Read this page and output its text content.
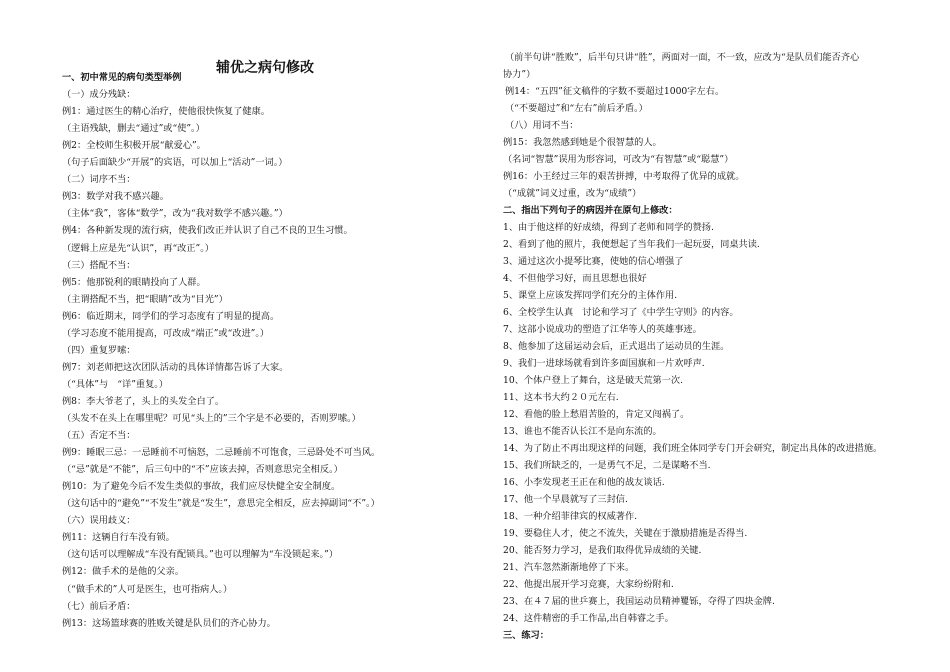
辅优之病句修改
一、初中常见的病句类型举例
（一）成分残缺：
例1：通过医生的精心治疗，使他很快恢复了健康。
（主语残缺，删去“通过”或“使”。）
例2：全校师生积极开展“献爱心”。
（句子后面缺少“开展”的宾语，可以加上“活动”一词。）
（二）词序不当：
例3：数学对我不感兴趣。
（主体“我”，客体“数学”，改为“我对数学不感兴趣。”）
例4：各种新发现的流行病，使我们改正并认识了自己不良的卫生习惯。
（逻辑上应是先“认识”，再“改正”。）
（三）搭配不当：
例5：他那锐利的眼睛投向了人群。
（主谓搭配不当，把“眼睛”改为“目光”）
例6：临近期末，同学们的学习态度有了明显的提高。
（学习态度不能用提高，可改成“端正”或“改进”。）
（四）重复罗嗦：
例7：刘老师把这次团队活动的具体详情都告诉了大家。
（“具体”与　“详”重复。）
例8：李大爷老了，头上的头发全白了。
（头发不在头上在哪里呢？可见“头上的”三个字是不必要的，否则罗嗦。）
（五）否定不当：
例9：睡眠三忌：一忌睡前不可恼怒，二忌睡前不可饱食，三忌卧处不可当风。
（“忌”就是“不能”，后三句中的“不”应该去掉，否则意思完全相反。）
例10：为了避免今后不发生类似的事故，我们应尽快健全安全制度。
（这句话中的“避免”“不发生”就是“发生”，意思完全相反，应去掉副词“不”。）
（六）误用歧义：
例11：这辆自行车没有锁。
（这句话可以理解成“车没有配锁具。”也可以理解为“车没锁起来。”）
例12：做手术的是他的父亲。
（“做手术的”人可是医生，也可指病人。）
（七）前后矛盾：
例13：这场篮球赛的胜败关键是队员们的齐心协力。
（前半句讲“胜败”，后半句只讲“胜”，两面对一面，不一致，应改为“是队员们能否齐心
协力”）
例14：“五四”征文稿件的字数不要超过1000字左右。
（“不要超过”和“左右”前后矛盾。）
（八）用词不当：
例15：我忽然感到她是个很智慧的人。
（名词“智慧”误用为形容词，可改为“有智慧”或“聪慧”）
例16：小王经过三年的艰苦拼搏，中考取得了优异的成就。
（“成就”词义过重，改为“成绩”）
二、指出下列句子的病因并在原句上修改：
1、由于他这样的好成绩，得到了老师和同学的赞扬.
2、看到了他的照片，我便想起了当年我们一起玩耍，同桌共读.
3、通过这次小提琴比赛，使她的信心增强了
4、不但他学习好，而且思想也很好
5、课堂上应该发挥同学们充分的主体作用.
6、全校学生认真　讨论和学习了《中学生守则》的内容。
7、这部小说成功的塑造了江华等人的英雄事迹。
8、他参加了这届运动会后，正式退出了运动员的生涯。
9、我们一进球场就看到许多面国旗和一片欢呼声.
10、个体户登上了舞台，这是破天荒第一次.
11、这本书大约２０元左右.
12、看他的脸上愁眉苦脸的，肯定又闯祸了。
13、谁也不能否认长江不是向东流的。
14、为了防止不再出现这样的问题，我们班全体同学专门开会研究，制定出具体的改进措施。
15、我们所缺乏的，一是勇气不足，二是谋略不当.
16、小李发现老王正在和他的战友谈话.
17、他一个早晨就写了三封信.
18、一种介绍菲律宾的权威著作.
19、要稳住人才，使之不流失，关键在于激励措施是否得当.
20、能否努力学习，是我们取得优异成绩的关键.
21、汽车忽然渐渐地停了下来。
22、他提出展开学习竞赛，大家纷纷附和.
23、在４７届的世乒赛上，我国运动员精神矍铄，夺得了四块金牌.
24、这件精密的手工作品,出自韩睿之手。
三、练习：
